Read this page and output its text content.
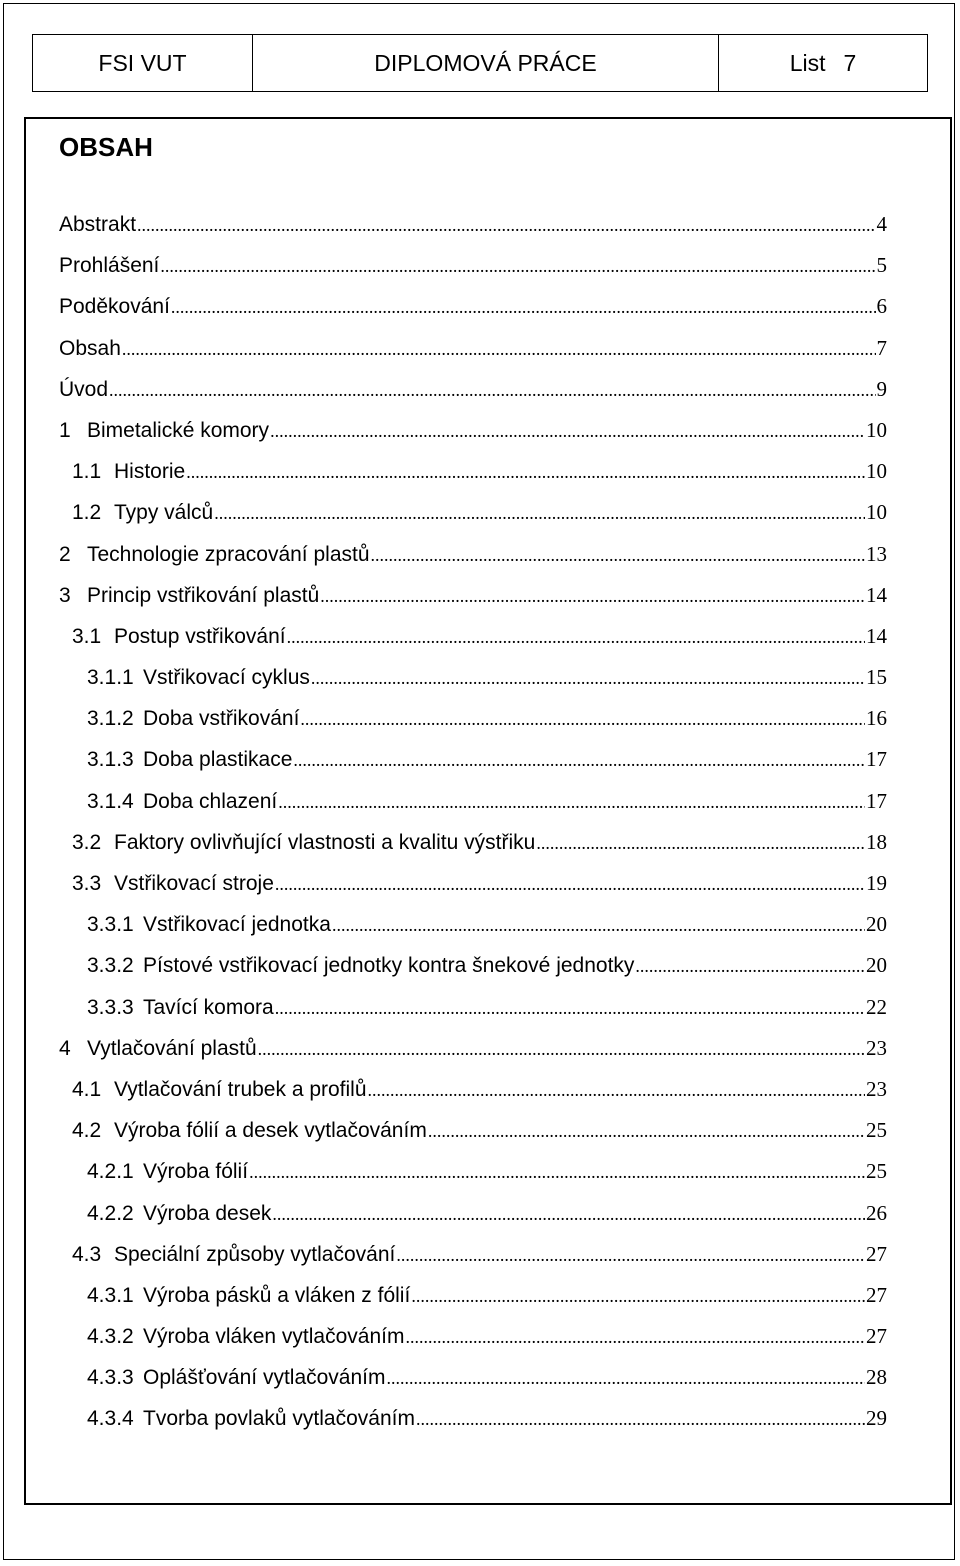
FSI VUT	DIPLOMOVÁ PRÁCE	List 7
OBSAH
Abstrakt .....	4
Prohlášení .....	5
Poděkování .....	6
Obsah .....	7
Úvod .....	9
1 Bimetalické komory .....	10
1.1 Historie .....	10
1.2 Typy válců .....	10
2 Technologie zpracování plastů .....	13
3 Princip vstřikování plastů .....	14
3.1 Postup vstřikování .....	14
3.1.1 Vstřikovací cyklus .....	15
3.1.2 Doba vstřikování .....	16
3.1.3 Doba plastikace .....	17
3.1.4 Doba chlazení .....	17
3.2 Faktory ovlivňující vlastnosti a kvalitu výstřiku .....	18
3.3 Vstřikovací stroje .....	19
3.3.1 Vstřikovací jednotka .....	20
3.3.2 Pístové vstřikovací jednotky kontra šnekové jednotky .....	20
3.3.3 Tavící komora .....	22
4 Vytlačování plastů .....	23
4.1 Vytlačování trubek a profilů .....	23
4.2 Výroba fólií a desek vytlačováním .....	25
4.2.1 Výroba fólií .....	25
4.2.2 Výroba desek .....	26
4.3 Speciální způsoby vytlačování .....	27
4.3.1 Výroba pásků a vláken z fólií .....	27
4.3.2 Výroba vláken vytlačováním .....	27
4.3.3 Oplášťování vytlačováním .....	28
4.3.4 Tvorba povlaků vytlačováním .....	29
